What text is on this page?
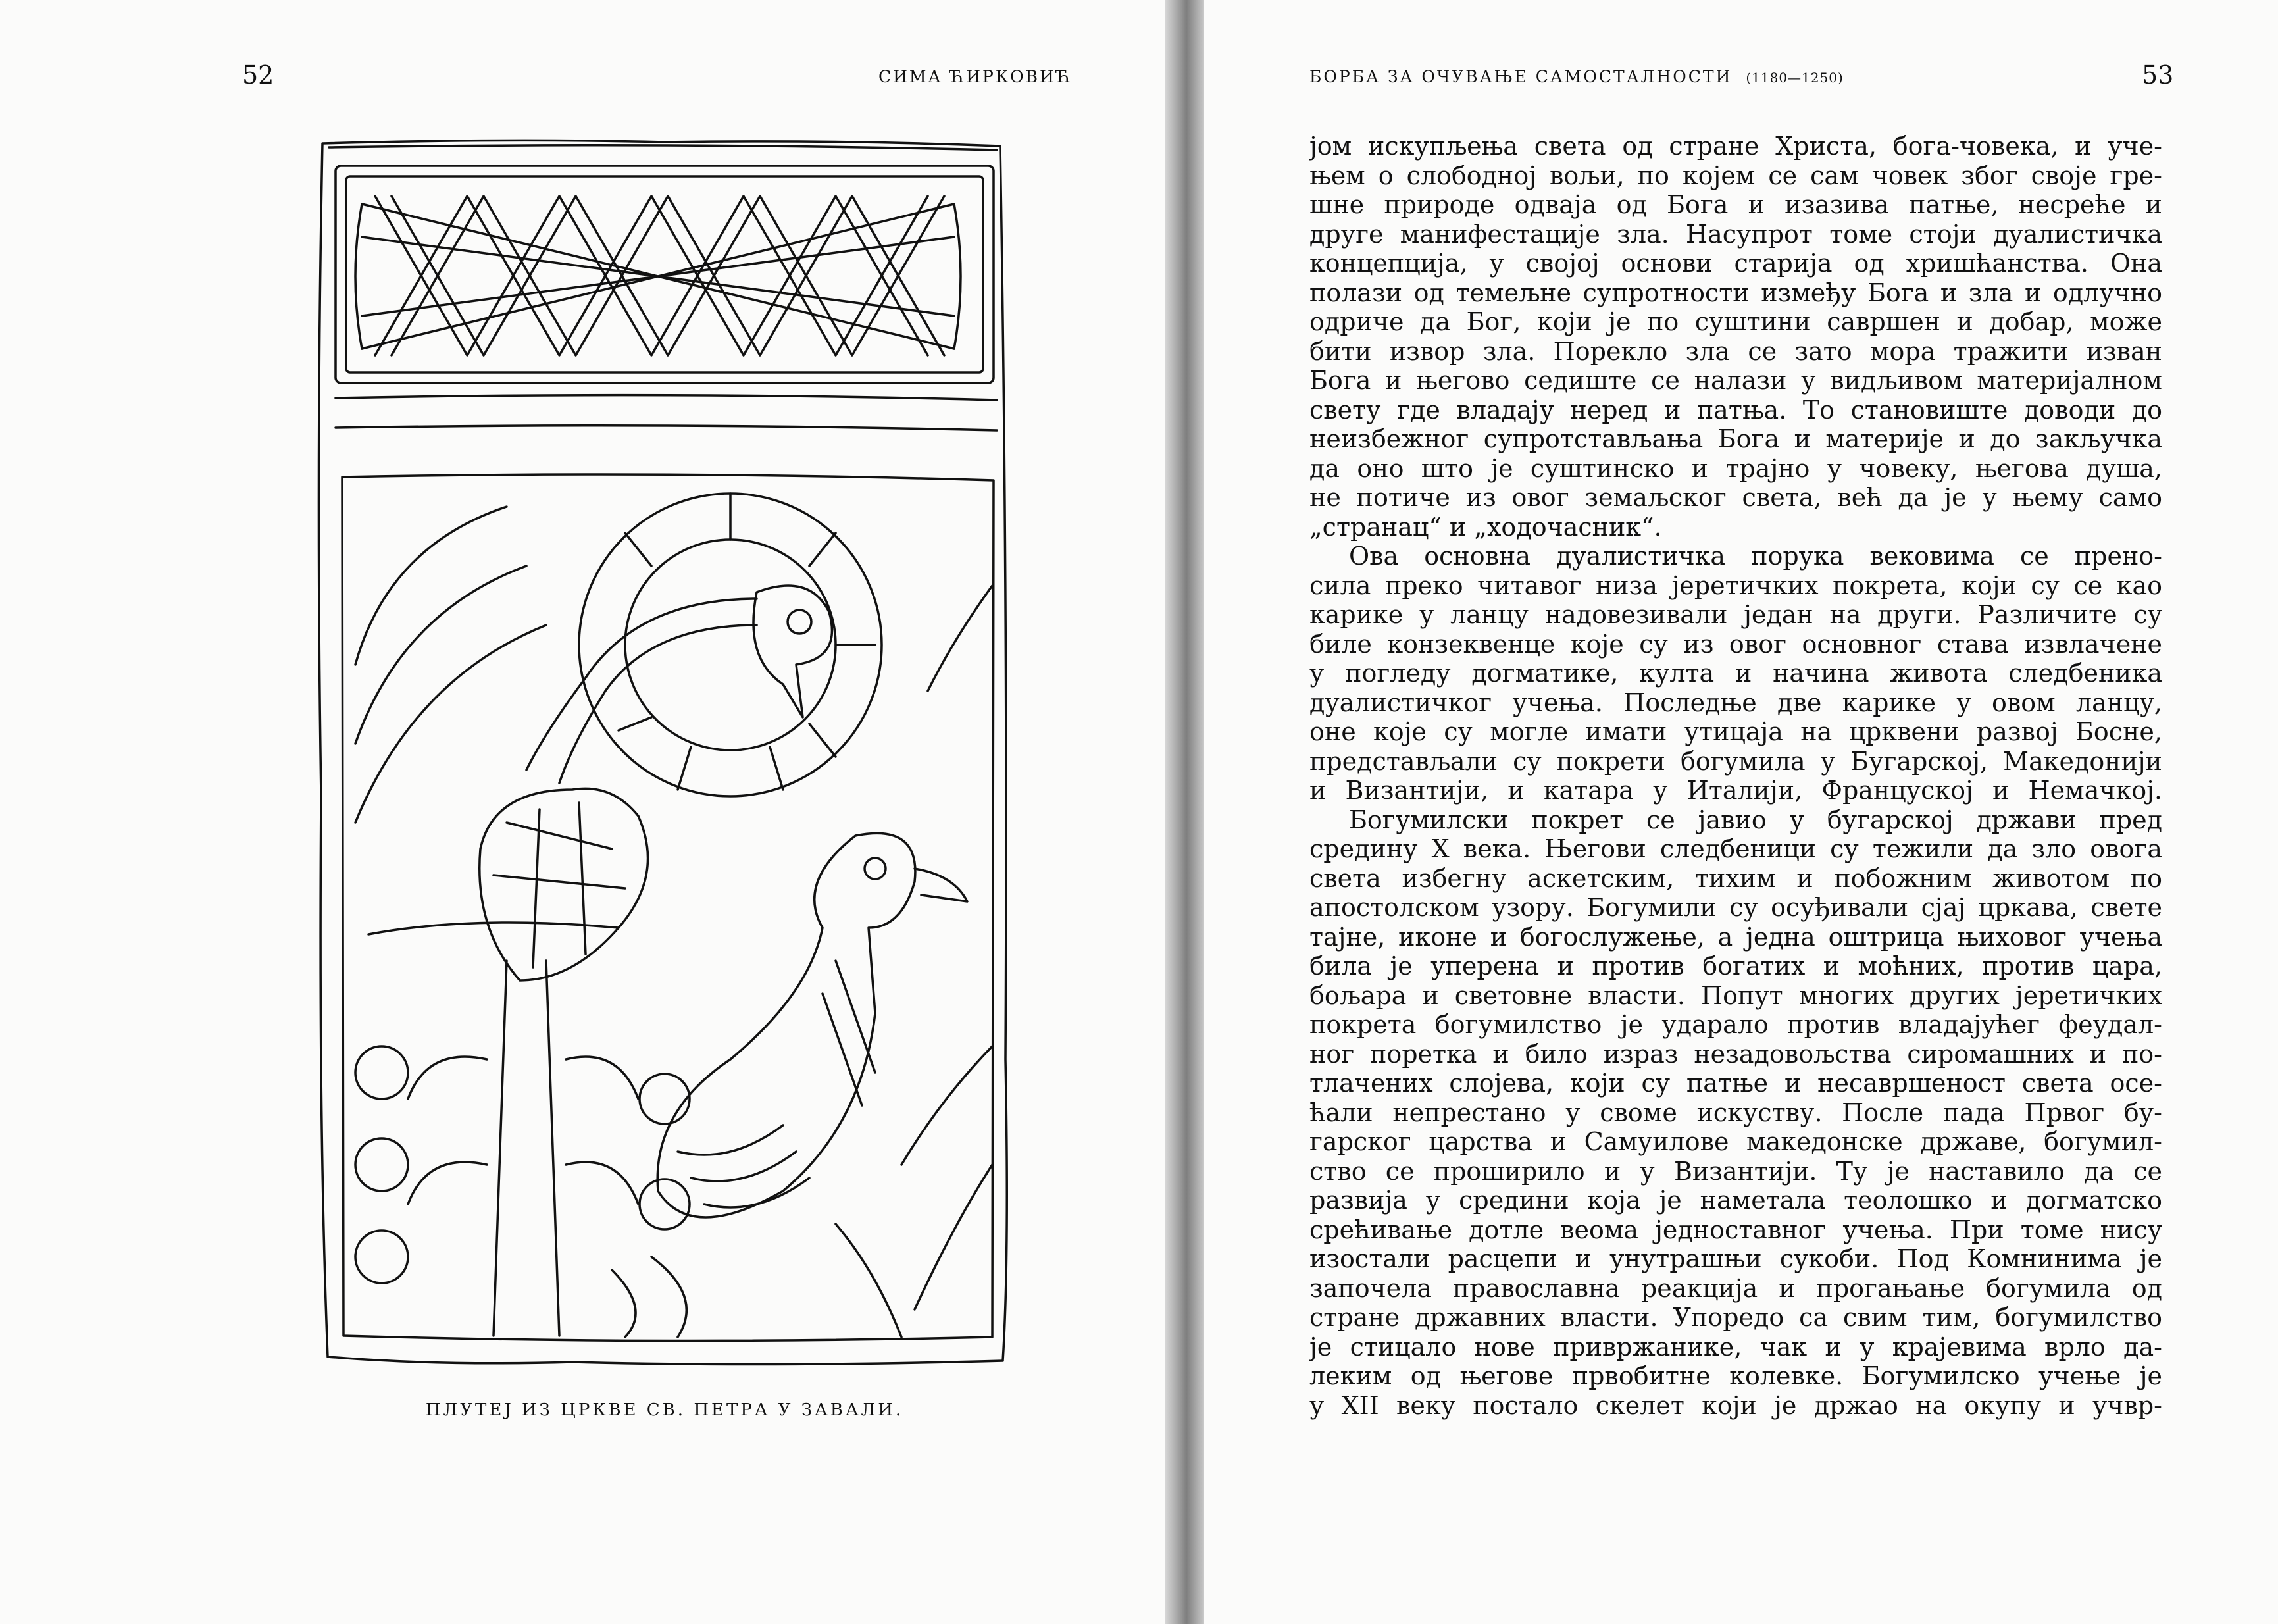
52	СИМА ЋИРКОВИЋ
ПЛУТЕЈ ИЗ ЦРКВЕ СВ. ПЕТРА У ЗАВАЛИ.
БОРБА ЗА ОЧУВАЊЕ САМОСТАЛНОСТИ (1180—1250)	53
јом искупљења света од стране Христа, бога-човека, и уче-
њем о слободној вољи, по којем се сам човек због своје гре-
шне природе одваја од Бога и изазива патње, несреће и
друге манифестације зла. Насупрот томе стоји дуалистичка
концепција, у својој основи старија од хришћанства. Она
полази од темељне супротности између Бога и зла и одлучно
одриче да Бог, који је по суштини савршен и добар, може
бити извор зла. Порекло зла се зато мора тражити изван
Бога и његово седиште се налази у видљивом материјалном
свету где владају неред и патња. То становиште доводи до
неизбежног супротстављања Бога и материје и до закључка
да оно што је суштинско и трајно у човеку, његова душа,
не потиче из овог земаљског света, већ да је у њему само
„странац“ и „ходочасник“.
Ова основна дуалистичка порука вековима се прено-
сила преко читавог низа јеретичких покрета, који су се као
карике у ланцу надовезивали један на други. Различите су
биле конзеквенце које су из овог основног става извлачене
у погледу догматике, култа и начина живота следбеника
дуалистичког учења. Последње две карике у овом ланцу,
оне које су могле имати утицаја на црквени развој Босне,
представљали су покрети богумила у Бугарској, Македонији
и Византији, и катара у Италији, Француској и Немачкој.
Богумилски покрет се јавио у бугарској држави пред
средину X века. Његови следбеници су тежили да зло овога
света избегну аскетским, тихим и побожним животом по
апостолском узору. Богумили су осуђивали сјај цркава, свете
тајне, иконе и богослужење, а једна оштрица њиховог учења
била је уперена и против богатих и моћних, против цара,
бољара и световне власти. Попут многих других јеретичких
покрета богумилство је ударало против владајућег феудал-
ног поретка и било израз незадовољства сиромашних и по-
тлачених слојева, који су патње и несавршеност света осе-
ћали непрестано у своме искуству. После пада Првог бу-
гарског царства и Самуилове македонске државе, богумил-
ство се проширило и у Византији. Ту је наставило да се
развија у средини која је наметала теолошко и догматско
срећивање дотле веома једноставног учења. При томе нису
изостали расцепи и унутрашњи сукоби. Под Комнинима је
започела православна реакција и прогањање богумила од
стране државних власти. Упоредо са свим тим, богумилство
је стицало нове привржанике, чак и у крајевима врло да-
леким од његове првобитне колевке. Богумилско учење је
у XII веку постало скелет који је држао на окупу и учвр-
